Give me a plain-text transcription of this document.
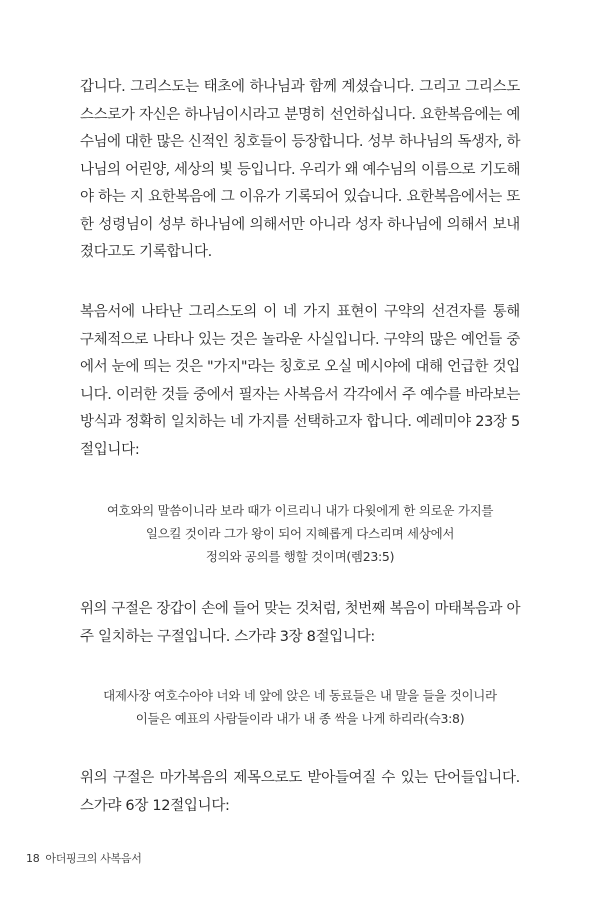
갑니다. 그리스도는 태초에 하나님과 함께 계셨습니다. 그리고 그리스도
스스로가 자신은 하나님이시라고 분명히 선언하십니다. 요한복음에는 예
수님에 대한 많은 신적인 칭호들이 등장합니다. 성부 하나님의 독생자, 하
나님의 어린양, 세상의 빛 등입니다. 우리가 왜 예수님의 이름으로 기도해
야 하는 지 요한복음에 그 이유가 기록되어 있습니다. 요한복음에서는 또
한 성령님이 성부 하나님에 의해서만 아니라 성자 하나님에 의해서 보내
졌다고도 기록합니다.

복음서에 나타난 그리스도의 이 네 가지 표현이 구약의 선견자를 통해
구체적으로 나타나 있는 것은 놀라운 사실입니다. 구약의 많은 예언들 중
에서 눈에 띄는 것은 "가지"라는 칭호로 오실 메시야에 대해 언급한 것입
니다. 이러한 것들 중에서 필자는 사복음서 각각에서 주 예수를 바라보는
방식과 정확히 일치하는 네 가지를 선택하고자 합니다. 예레미야 23장 5
절입니다:

여호와의 말씀이니라 보라 때가 이르리니 내가 다윗에게 한 의로운 가지를
일으킬 것이라 그가 왕이 되어 지혜롭게 다스리며 세상에서
정의와 공의를 행할 것이며(렘23:5)

위의 구절은 장갑이 손에 들어 맞는 것처럼, 첫번째 복음이 마태복음과 아
주 일치하는 구절입니다. 스가랴 3장 8절입니다:

대제사장 여호수아야 너와 네 앞에 앉은 네 동료들은 내 말을 들을 것이니라
이들은 예표의 사람들이라 내가 내 종 싹을 나게 하리라(슥3:8)

위의 구절은 마가복음의 제목으로도 받아들여질 수 있는 단어들입니다.
스가랴 6장 12절입니다:

18 아더핑크의 사복음서
